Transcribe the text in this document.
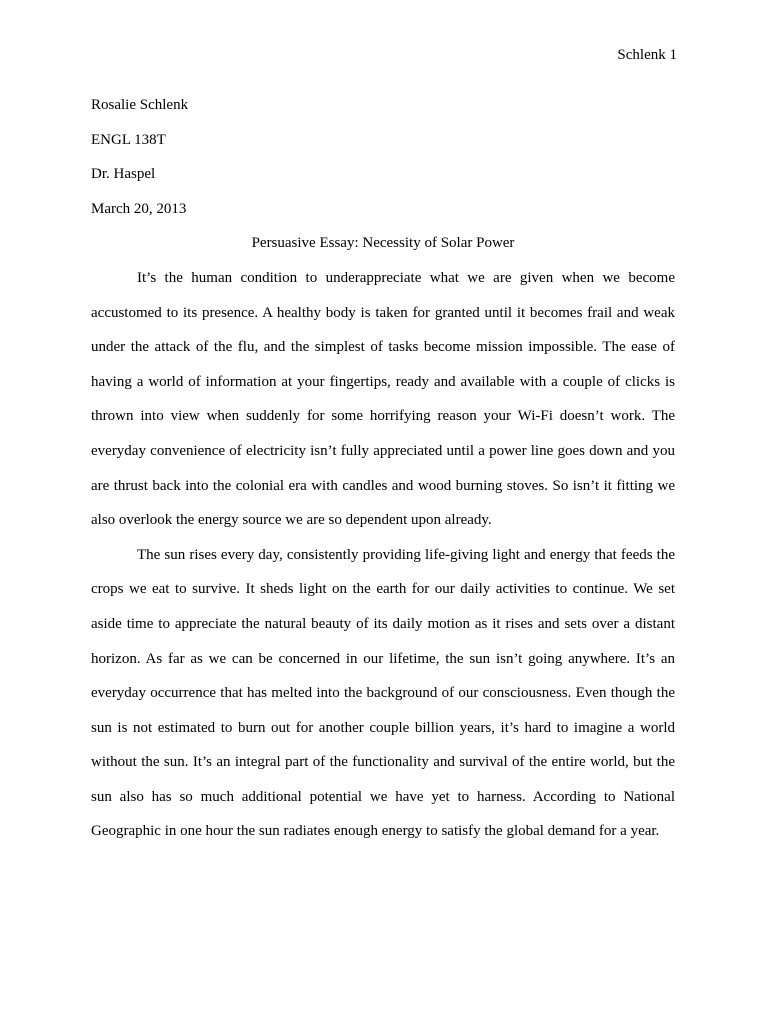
Schlenk 1

Rosalie Schlenk

ENGL 138T

Dr. Haspel

March 20, 2013

Persuasive Essay: Necessity of Solar Power

It’s the human condition to underappreciate what we are given when we become accustomed to its presence. A healthy body is taken for granted until it becomes frail and weak under the attack of the flu, and the simplest of tasks become mission impossible. The ease of having a world of information at your fingertips, ready and available with a couple of clicks is thrown into view when suddenly for some horrifying reason your Wi-Fi doesn’t work. The everyday convenience of electricity isn’t fully appreciated until a power line goes down and you are thrust back into the colonial era with candles and wood burning stoves. So isn’t it fitting we also overlook the energy source we are so dependent upon already.

The sun rises every day, consistently providing life-giving light and energy that feeds the crops we eat to survive. It sheds light on the earth for our daily activities to continue. We set aside time to appreciate the natural beauty of its daily motion as it rises and sets over a distant horizon. As far as we can be concerned in our lifetime, the sun isn’t going anywhere. It’s an everyday occurrence that has melted into the background of our consciousness. Even though the sun is not estimated to burn out for another couple billion years, it’s hard to imagine a world without the sun. It’s an integral part of the functionality and survival of the entire world, but the sun also has so much additional potential we have yet to harness. According to National Geographic in one hour the sun radiates enough energy to satisfy the global demand for a year.
